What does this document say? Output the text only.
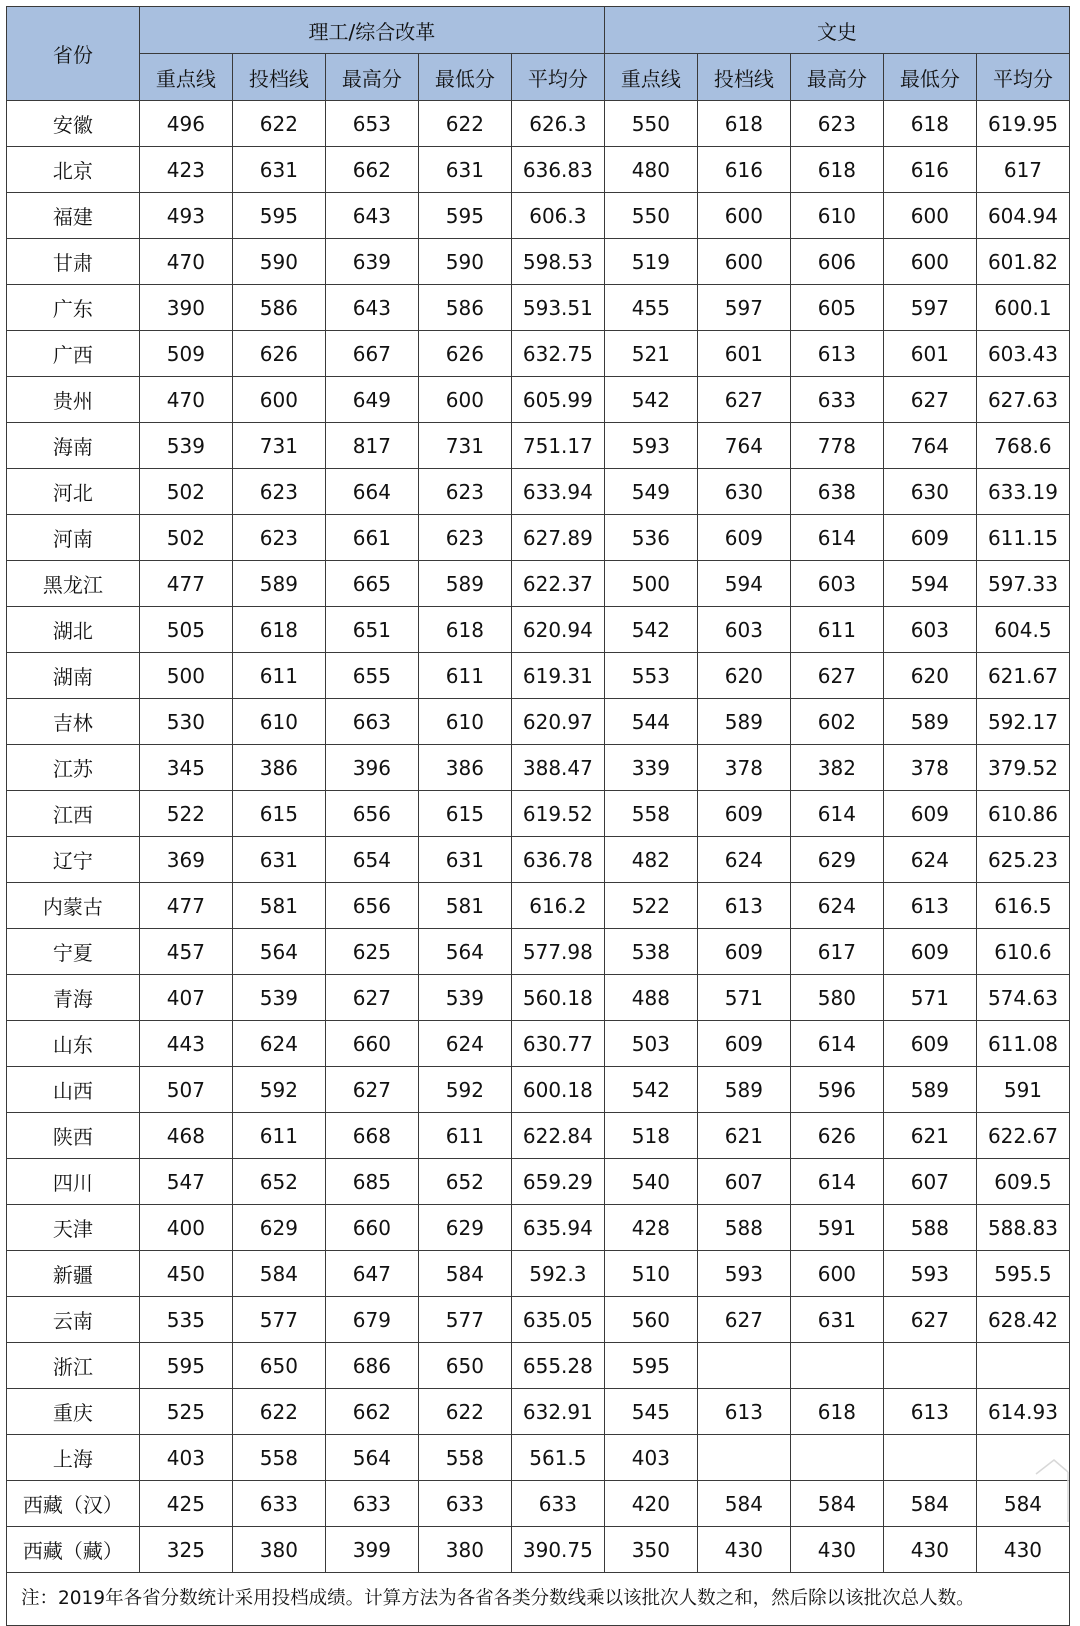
省份	理工/综合改革					文史				
	重点线	投档线	最高分	最低分	平均分	重点线	投档线	最高分	最低分	平均分
安徽	496	622	653	622	626.3	550	618	623	618	619.95
北京	423	631	662	631	636.83	480	616	618	616	617
福建	493	595	643	595	606.3	550	600	610	600	604.94
甘肃	470	590	639	590	598.53	519	600	606	600	601.82
广东	390	586	643	586	593.51	455	597	605	597	600.1
广西	509	626	667	626	632.75	521	601	613	601	603.43
贵州	470	600	649	600	605.99	542	627	633	627	627.63
海南	539	731	817	731	751.17	593	764	778	764	768.6
河北	502	623	664	623	633.94	549	630	638	630	633.19
河南	502	623	661	623	627.89	536	609	614	609	611.15
黑龙江	477	589	665	589	622.37	500	594	603	594	597.33
湖北	505	618	651	618	620.94	542	603	611	603	604.5
湖南	500	611	655	611	619.31	553	620	627	620	621.67
吉林	530	610	663	610	620.97	544	589	602	589	592.17
江苏	345	386	396	386	388.47	339	378	382	378	379.52
江西	522	615	656	615	619.52	558	609	614	609	610.86
辽宁	369	631	654	631	636.78	482	624	629	624	625.23
内蒙古	477	581	656	581	616.2	522	613	624	613	616.5
宁夏	457	564	625	564	577.98	538	609	617	609	610.6
青海	407	539	627	539	560.18	488	571	580	571	574.63
山东	443	624	660	624	630.77	503	609	614	609	611.08
山西	507	592	627	592	600.18	542	589	596	589	591
陕西	468	611	668	611	622.84	518	621	626	621	622.67
四川	547	652	685	652	659.29	540	607	614	607	609.5
天津	400	629	660	629	635.94	428	588	591	588	588.83
新疆	450	584	647	584	592.3	510	593	600	593	595.5
云南	535	577	679	577	635.05	560	627	631	627	628.42
浙江	595	650	686	650	655.28	595				
重庆	525	622	662	622	632.91	545	613	618	613	614.93
上海	403	558	564	558	561.5	403				
西藏（汉）	425	633	633	633	633	420	584	584	584	584
西藏（藏）	325	380	399	380	390.75	350	430	430	430	430
注：2019年各省分数统计采用投档成绩。计算方法为各省各类分数线乘以该批次人数之和，然后除以该批次总人数。
